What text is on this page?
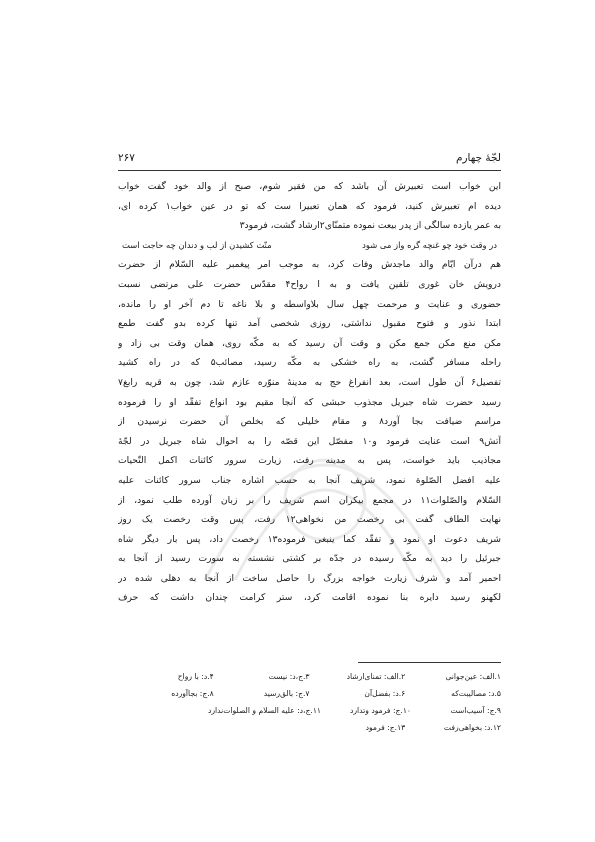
لجّهٔ چهارم
۲۶۷
این خواب است تعبیرش آن باشد که من فقیر شوم، صبح از والد خود گفت خواب
دیده ام تعبیرش کنید، فرمود که همان تعبیرا ست که تو در عین خواب۱ کرده ای،
به عمر یازده سالگی از پدر بیعت نموده متمنّای۲ارشاد گشت، فرمود۳
در وقت خود چو غنچه گره واز می شود
منّت کشیدن از لب و دندان چه حاجت است
هم درآن ایّام والد ماجدش وفات کرد، به موجب امر پیغمبر علیه السّلام از حضرت
درویش خان غوری تلقین یافت و به ا رواح۴ مقدّس حضرت علی مرتضی نسبت
حضوری و عنایت و مرحمت چهل سال بلاواسطه و بلا ناغه تا دم آخر او را مانده،
ابتدا نذور و فتوح مقبول نداشتی، روزی شخصی آمد تنها کرده بدو گفت طمع
مکن منع مکن جمع مکن و وقت آن رسید که به مکّه روی، همان وقت بی زاد و
راحله مسافر گشت، به راه خشکی به مکّه رسید، مصائب۵ که در راه کشید
تفصیل۶ آن طول است، بعد انفراغ حج به مدینهٔ منوّره عازم شد، چون به قریه رابغ۷
رسید حضرت شاه جبریل مجذوب حبشی که آنجا مقیم بود انواع تفقّد او را فرموده
مراسم ضیافت بجا آورد۸ و مقام خلیلی که بخلص آن حضرت نرسیدن از
آتش۹ است عنایت فرمود و۱۰ مفصّل این قصّه را به احوال شاه جبریل در لجّهٔ
مجاذیب باید خواست، پس به مدینه رفت، زیارت سرور کائنات اکمل التّحیات
علیه افضل الصّلوة نمود، شریف آنجا به حسب اشاره جناب سرور کائنات علیه
السّلام والصّلوات۱۱ در مجمع بیکران اسم شریف را بر زبان آورده طلب نمود، از
نهایت الطاف گفت بی رخصت من نخواهی۱۲ رفت، پس وقت رخصت یک روز
شریف دعوت او نمود و تفقّد کما ینبغی فرموده۱۳ رخصت داد، پس بار دیگر شاه
جبرئیل را دید به مکّه رسیده در جدّه بر کشتی نشسته به سورت رسید از آنجا به
احمیر آمد و شرف زیارت خواجه بزرگ را حاصل ساخت از آنجا به دهلی شده در
لکهنو رسید دایره بنا نموده اقامت کرد، ستر کرامت چندان داشت که حرف
۱.الف: عین‌جوانی
۲.الف: تمنای‌ارشاد
۳.ج،د: نیست
۴.د: با رواح
۵.د: مصالیبت‌که
۶.د: بفضل‌آن
۷.ج: بالق‌رسید
۸.ج: بجا‌آورده
۹.ج: آسیب‌است
۱۰.ج: فرمود و‌تدارد
۱۱.ج،د: علیه السلام و الصلوات‌ندارد
۱۲.د: بخواهی‌رفت
۱۳.ج: فرمود
